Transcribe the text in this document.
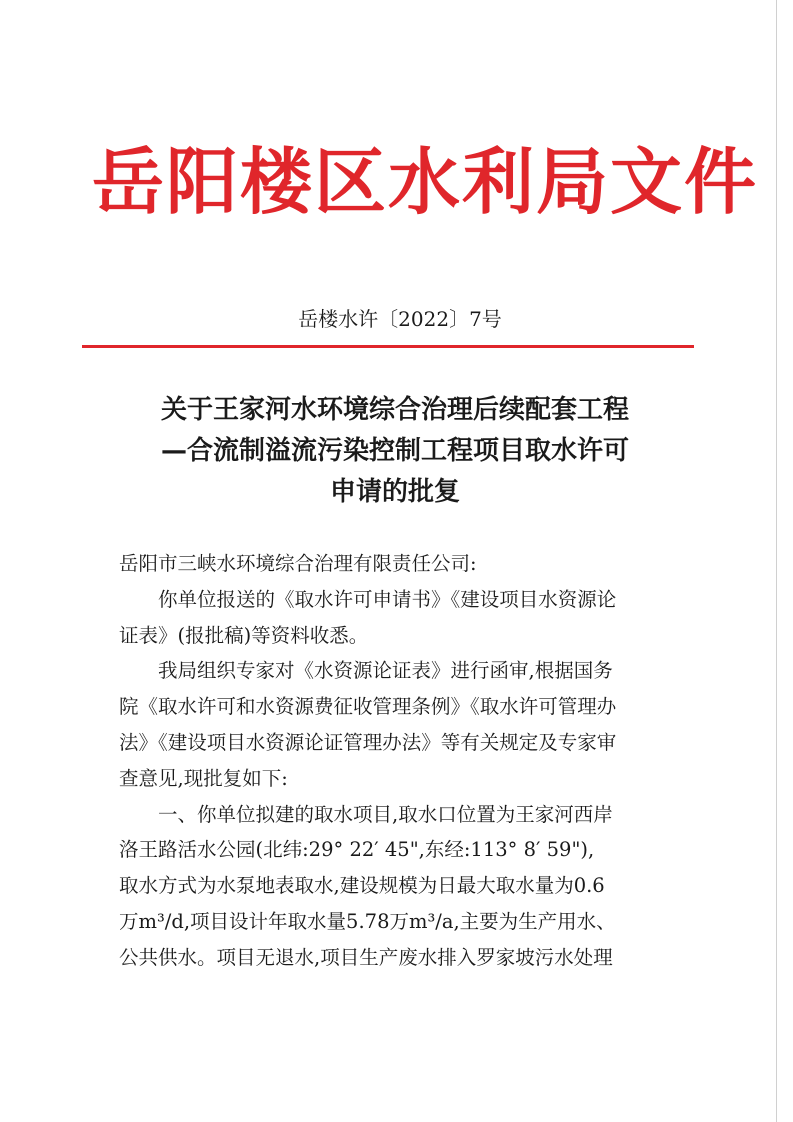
岳阳楼区水利局文件
岳楼水许〔2022〕7号
关于王家河水环境综合治理后续配套工程
—合流制溢流污染控制工程项目取水许可
申请的批复

岳阳市三峡水环境综合治理有限责任公司:

你单位报送的《取水许可申请书》《建设项目水资源论

证表》(报批稿)等资料收悉。

我局组织专家对《水资源论证表》进行函审,根据国务

院《取水许可和水资源费征收管理条例》《取水许可管理办

法》《建设项目水资源论证管理办法》等有关规定及专家审

查意见,现批复如下:

一、你单位拟建的取水项目,取水口位置为王家河西岸

洛王路活水公园(北纬:29° 22′ 45",东经:113° 8′ 59"),

取水方式为水泵地表取水,建设规模为日最大取水量为0.6

万m³/d,项目设计年取水量5.78万m³/a,主要为生产用水、

公共供水。项目无退水,项目生产废水排入罗家坡污水处理
